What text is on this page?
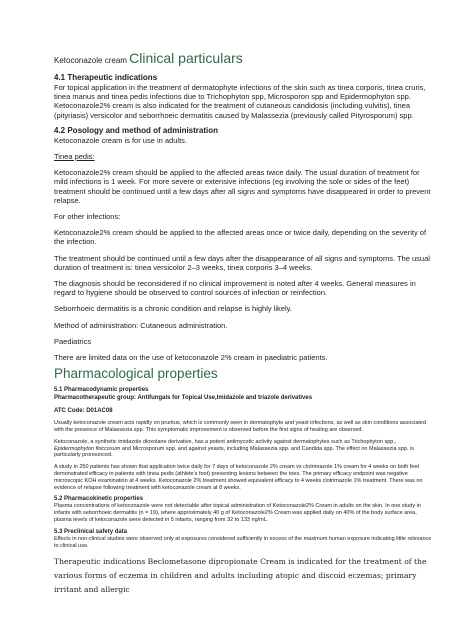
Ketoconazole cream Clinical particulars
4.1 Therapeutic indications

For topical application in the treatment of dermatophyte infections of the skin such as tinea corporis, tinea cruris, tinea manus and tinea pedis infections due to Trichophyton spp, Microsporon spp and Epidermophyton spp. Ketoconazole2% cream is also indicated for the treatment of cutaneous candidosis (including vulvitis), tinea (pityriasis) versicolor and seborrhoeic dermatitis caused by Malassezia (previously called Pityrosporum) spp.

4.2 Posology and method of administration

Ketoconazole cream is for use in adults.

Tinea pedis:

Ketoconazole2% cream should be applied to the affected areas twice daily. The usual duration of treatment for mild infections is 1 week. For more severe or extensive infections (eg involving the sole or sides of the feet) treatment should be continued until a few days after all signs and symptoms have disappeared in order to prevent relapse.

For other infections:

Ketoconazole2% cream should be applied to the affected areas once or twice daily, depending on the severity of the infection.

The treatment should be continued until a few days after the disappearance of all signs and symptoms. The usual duration of treatment is: tinea versicolor 2–3 weeks, tinea corporis 3–4 weeks.

The diagnosis should be reconsidered if no clinical improvement is noted after 4 weeks. General measures in regard to hygiene should be observed to control sources of infection or reinfection.

Seborrhoeic dermatitis is a chronic condition and relapse is highly likely.

Method of administration: Cutaneous administration.

Paediatrics

There are limited data on the use of ketoconazole 2% cream in paediatric patients.

Pharmacological properties
5.1 Pharmacodynamic properties
Pharmacotherapeutic group: Antifungals for Topical Use,Imidazole and triazole derivatives
ATC Code: D01AC08

Usually ketoconazole cream acts rapidly on pruritus, which is commonly seen in dermatophyte and yeast infections, as well as skin conditions associated with the presence of Malassezia spp. This symptomatic improvement is observed before the first signs of healing are observed.

Ketoconazole, a synthetic imidazole dioxolane derivative, has a potent antimycotic activity against dermatophytes such as Trichophyton spp., Epidermophyton floccosum and Microsporum spp. and against yeasts, including Malassezia spp. and Candida spp. The effect on Malassezia spp. is particularly pronounced.

A study in 250 patients has shown that application twice daily for 7 days of ketoconazole 2% cream vs clotrimazole 1% cream for 4 weeks on both feet demonstrated efficacy in patients with tinea pedis (athlete's foot) presenting lesions between the toes. The primary efficacy endpoint was negative microscopic KOH examination at 4 weeks. Ketoconazole 2% treatment showed equivalent efficacy to 4 weeks clotrimazole 1% treatment. There was no evidence of relapse following treatment with ketoconazole cream at 8 weeks.

5.2 Pharmacokinetic properties

Plasma concentrations of ketoconazole were not detectable after topical administration of Ketoconazole2% Cream in adults on the skin. In one study in infants with seborrhoeic dermatitis (n = 19), where approximately 40 g of Ketoconazole2% Cream was applied daily on 40% of the body surface area, plasma levels of ketoconazole were detected in 5 infants, ranging from 32 to 133 ng/mL.

5.3 Preclinical safety data

Effects in non-clinical studies were observed only at exposures considered sufficiently in excess of the maximum human exposure indicating little relevance to clinical use.

Therapeutic indications Beclometasone dipropionate Cream is indicated for the treatment of the various forms of eczema in children and adults including atopic and discoid eczemas; primary irritant and allergic
